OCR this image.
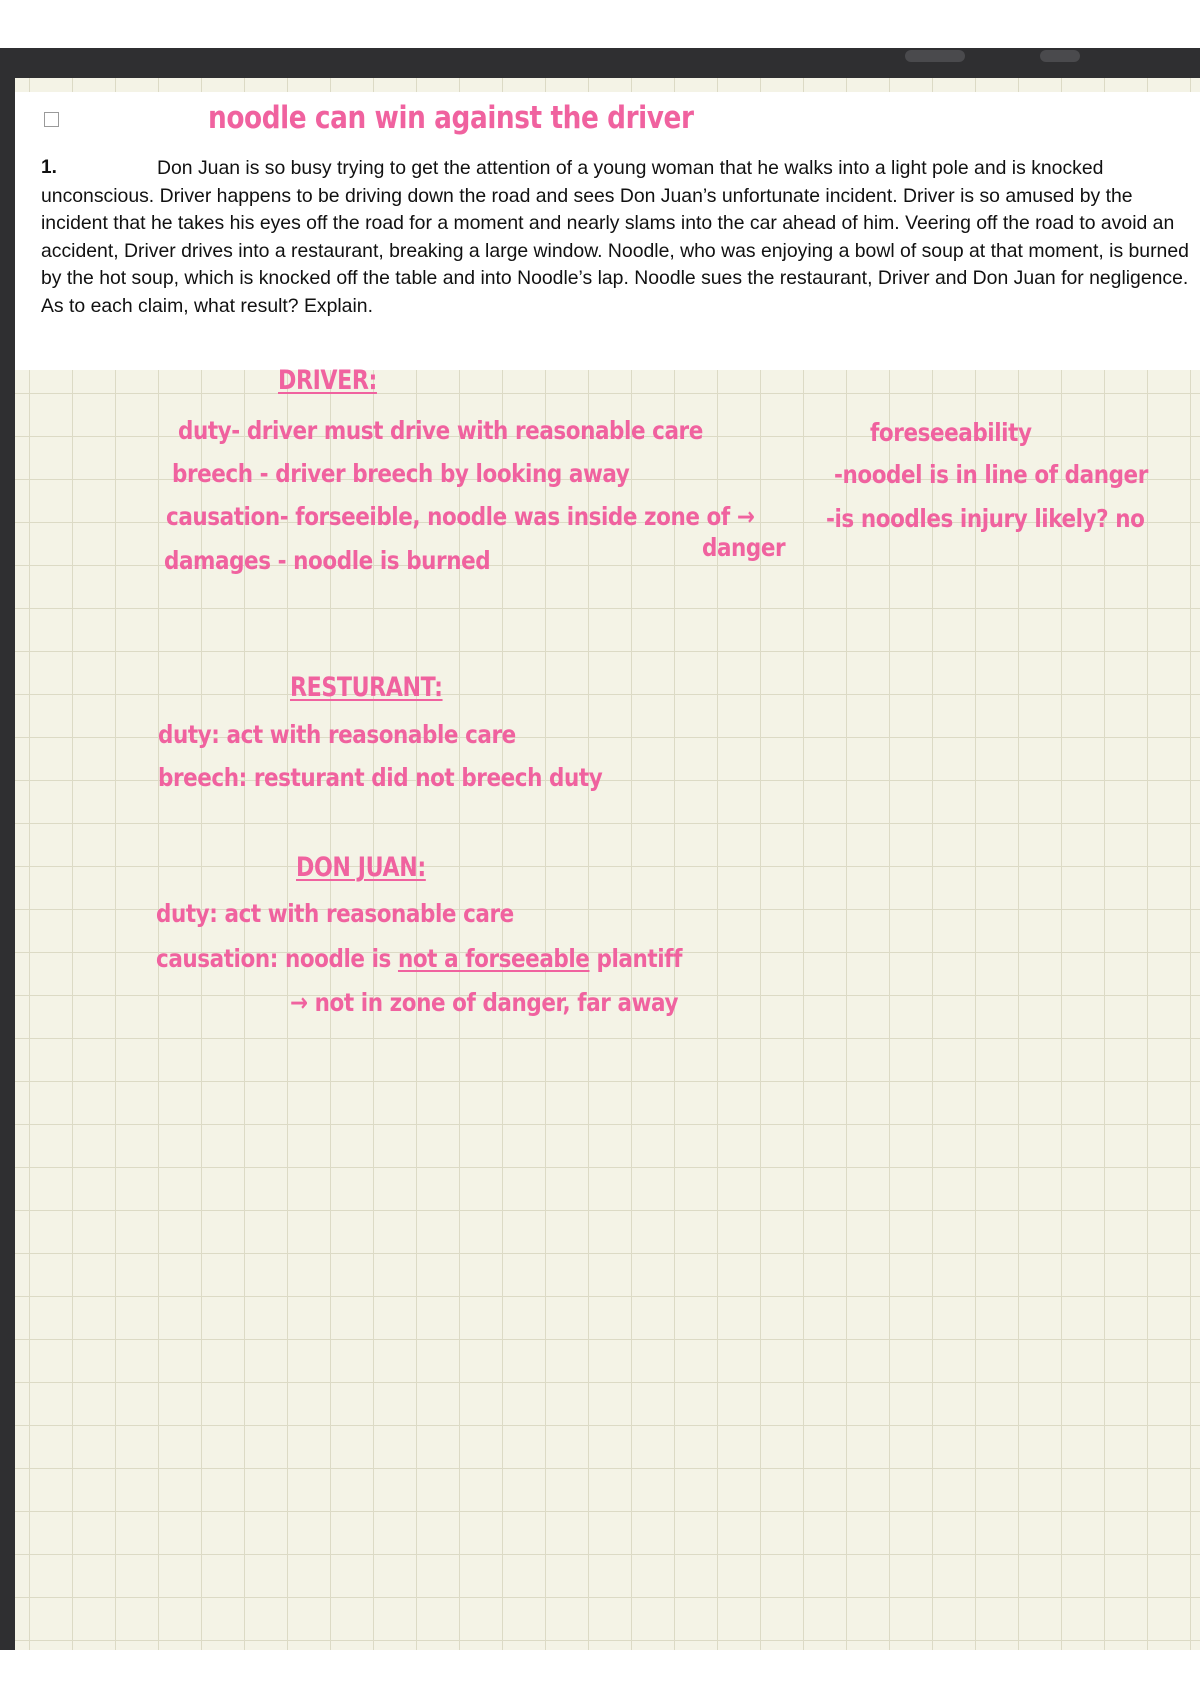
noodle can win against the driver

1.	Don Juan is so busy trying to get the attention of a young woman that he walks into a light pole and is knocked unconscious. Driver happens to be driving down the road and sees Don Juan’s unfortunate incident. Driver is so amused by the incident that he takes his eyes off the road for a moment and nearly slams into the car ahead of him. Veering off the road to avoid an accident, Driver drives into a restaurant, breaking a large window. Noodle, who was enjoying a bowl of soup at that moment, is burned by the hot soup, which is knocked off the table and into Noodle’s lap. Noodle sues the restaurant, Driver and Don Juan for negligence. As to each claim, what result? Explain.

DRIVER:

duty- driver must drive with reasonable care

breech - driver breech by looking away

causation- forseeible, noodle was inside zone of →

danger

damages - noodle is burned

foreseeability

-noodel is in line of danger

-is noodles injury likely? no

RESTURANT:

duty: act with reasonable care

breech: resturant did not breech duty

DON JUAN:

duty: act with reasonable care

causation: noodle is not a forseeable plantiff

→ not in zone of danger, far away
